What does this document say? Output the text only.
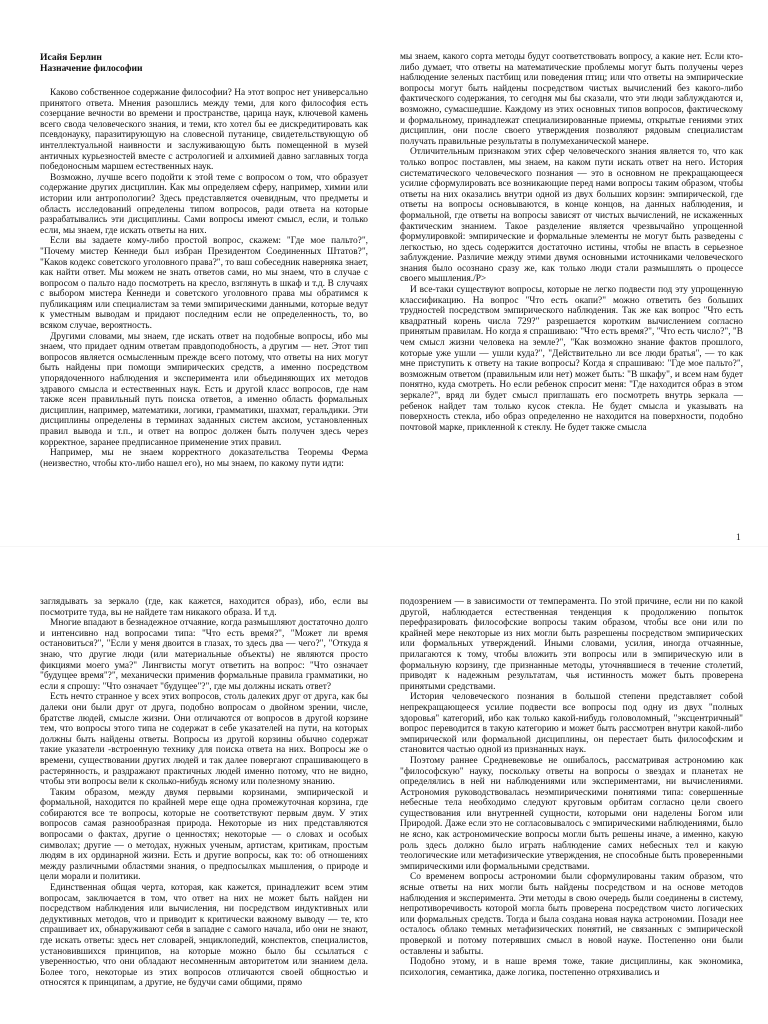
Исайя Берлин
Назначение философии

Каково собственное содержание философии? На этот вопрос нет универсально принятого ответа. Мнения разошлись между теми, для кого философия есть созерцание вечности во времени и пространстве, царица наук, ключевой камень всего свода человеческого знания, и теми, кто хотел бы ее дискредитировать как псевдонауку, паразитирующую на словесной путанице, свидетельствующую об интеллектуальной наивности и заслуживающую быть помещенной в музей античных курьезностей вместе с астрологией и алхимией давно заглавных тогда победоносным маршем естественных наук.

Возможно, лучше всего подойти к этой теме с вопросом о том, что образует содержание других дисциплин. Как мы определяем сферу, например, химии или истории или антропологии? Здесь представляется очевидным, что предметы и область исследований определены типом вопросов, ради ответа на которые разрабатывались эти дисциплины. Сами вопросы имеют смысл, если, и только если, мы знаем, где искать ответы на них.

Если вы задаете кому-либо простой вопрос, скажем: "Где мое пальто?", "Почему мистер Кеннеди был избран Президентом Соединенных Штатов?", "Каков кодекс советского уголовного права?", то ваш собеседник наверняка знает, как найти ответ. Мы можем не знать ответов сами, но мы знаем, что в случае с вопросом о пальто надо посмотреть на кресло, взглянуть в шкаф и т.д. В случаях с выбором мистера Кеннеди и советского уголовного права мы обратимся к публикациям или специалистам за теми эмпирическими данными, которые ведут к уместным выводам и придают последним если не определенность, то, во всяком случае, вероятность.

Другими словами, мы знаем, где искать ответ на подобные вопросы, ибо мы знаем, что придает одним ответам правдоподобность, а другим — нет. Этот тип вопросов является осмысленным прежде всего потому, что ответы на них могут быть найдены при помощи эмпирических средств, а именно посредством упорядоченного наблюдения и эксперимента или объединяющих их методов здравого смысла и естественных наук. Есть и другой класс вопросов, где нам также ясен правильный путь поиска ответов, а именно область формальных дисциплин, например, математики, логики, грамматики, шахмат, геральдики. Эти дисциплины определены в терминах заданных систем аксиом, установленных правил вывода и т.п., и ответ на вопрос должен быть получен здесь через корректное, заранее предписанное применение этих правил.

Например, мы не знаем корректного доказательства Теоремы Ферма (неизвестно, чтобы кто-либо нашел его), но мы знаем, по какому пути идти:

мы знаем, какого сорта методы будут соответствовать вопросу, а какие нет. Если кто-либо думает, что ответы на математические проблемы могут быть получены через наблюдение зеленых пастбищ или поведения птиц; или что ответы на эмпирические вопросы могут быть найдены посредством чистых вычислений без какого-либо фактического содержания, то сегодня мы бы сказали, что эти люди заблуждаются и, возможно, сумасшедшие. Каждому из этих основных типов вопросов, фактическому и формальному, принадлежат специализированные приемы, открытые гениями этих дисциплин, они после своего утверждения позволяют рядовым специалистам получать правильные результаты в полумеханической манере.

Отличительным признаком этих сфер человеческого знания является то, что как только вопрос поставлен, мы знаем, на каком пути искать ответ на него. История систематического человеческого познания — это в основном не прекращающееся усилие сформулировать все возникающие перед нами вопросы таким образом, чтобы ответы на них оказались внутри одной из двух больших корзин: эмпирической, где ответы на вопросы основываются, в конце концов, на данных наблюдения, и формальной, где ответы на вопросы зависят от чистых вычислений, не искаженных фактическим знанием. Такое разделение является чрезвычайно упрощенной формулировкой: эмпирические и формальные элементы не могут быть разведены с легкостью, но здесь содержится достаточно истины, чтобы не впасть в серьезное заблуждение. Различие между этими двумя основными источниками человеческого знания было осознано сразу же, как только люди стали размышлять о процессе своего мышления./P>

И все-таки существуют вопросы, которые не легко подвести под эту упрощенную классификацию. На вопрос "Что есть окапи?" можно ответить без больших трудностей посредством эмпирического наблюдения. Так же как вопрос "Что есть квадратный корень числа 729?" разрешается коротким вычислением согласно принятым правилам. Но когда я спрашиваю: "Что есть время?", "Что есть число?", "В чем смысл жизни человека на земле?", "Как возможно знание фактов прошлого, которые уже ушли — ушли куда?", "Действительно ли все люди братья", — то как мне приступить к ответу на такие вопросы? Когда я спрашиваю: "Где мое пальто?", возможным ответом (правильным или нет) может быть: "В шкафу", и всем нам будет понятно, куда смотреть. Но если ребенок спросит меня: "Где находится образ в этом зеркале?", вряд ли будет смысл приглашать его посмотреть внутрь зеркала — ребенок найдет там только кусок стекла. Не будет смысла и указывать на поверхность стекла, ибо образ определенно не находится на поверхности, подобно почтовой марке, прикленной к стеклу. Не будет также смысла

1

заглядывать за зеркало (где, как кажется, находится образ), ибо, если вы посмотрите туда, вы не найдете там никакого образа. И т.д.

Многие впадают в безнадежное отчаяние, когда размышляют достаточно долго и интенсивно над вопросами типа: "Что есть время?", "Может ли время остановиться?", "Если у меня двоится в глазах, то здесь два — чего?", "Откуда я знаю, что другие люди (или материальные объекты) не являются просто фикциями моего ума?" Лингвисты могут ответить на вопрос: "Что означает "будущее время"?", механически применив формальные правила грамматики, но если я спрошу: "Что означает "будущее"?", где мы должны искать ответ?

Есть нечто странное у всех этих вопросов, столь далеких друг от друга, как бы далеки они были друг от друга, подобно вопросам о двойном зрении, числе, братстве людей, смысле жизни. Они отличаются от вопросов в другой корзине тем, что вопросы этого типа не содержат в себе указателей на пути, на которых должны быть найдены ответы. Вопросы из другой корзины обычно содержат такие указатели -встроенную технику для поиска ответа на них. Вопросы же о времени, существовании других людей и так далее повергают спрашивающего в растерянность, и раздражают практичных людей именно потому, что не видно, чтобы эти вопросы вели к сколько-нибудь ясному или полезному знанию.

Таким образом, между двумя первыми корзинами, эмпирической и формальной, находится по крайней мере еще одна промежуточная корзина, где собираются все те вопросы, которые не соответствуют первым двум. У этих вопросов самая разнообразная природа. Некоторые из них представляются вопросами о фактах, другие о ценностях; некоторые — о словах и особых символах; другие — о методах, нужных ученым, артистам, критикам, простым людям в их ординарной жизни. Есть и другие вопросы, как то: об отношениях между различными областями знания, о предпосылках мышления, о природе и цели морали и политики.

Единственная общая черта, которая, как кажется, принадлежит всем этим вопросам, заключается в том, что ответ на них не может быть найден ни посредством наблюдения или вычисления, ни посредством индуктивных или дедуктивных методов, что и приводит к критически важному выводу — те, кто спрашивает их, обнаруживают себя в западне с самого начала, ибо они не знают, где искать ответы: здесь нет словарей, энциклопедий, конспектов, специалистов, установившихся принципов, на которые можно было бы ссылаться с уверенностью, что они обладают несомненным авторитетом или знанием дела. Более того, некоторые из этих вопросов отличаются своей общностью и относятся к принципам, а другие, не будучи сами общими, прямо

подозрением — в зависимости от темперамента. По этой причине, если ни по какой другой, наблюдается естественная тенденция к продолжению попыток перефразировать философские вопросы таким образом, чтобы все они или по крайней мере некоторые из них могли быть разрешены посредством эмпирических или формальных утверждений. Иными словами, усилия, иногда отчаянные, прилагаются к тому, чтобы вложить эти вопросы или в эмпирическую или в формальную корзину, где признанные методы, уточнявшиеся в течение столетий, приводят к надежным результатам, чья истинность может быть проверена принятыми средствами.

История человеческого познания в большой степени представляет собой непрекращающееся усилие подвести все вопросы под одну из двух "полных здоровья" категорий, ибо как только какой-нибудь головоломный, "эксцентричный" вопрос переводится в такую категорию и может быть рассмотрен внутри какой-либо эмпирической или формальной дисциплины, он перестает быть философским и становится частью одной из признанных наук.

Поэтому раннее Средневековье не ошибалось, рассматривая астрономию как "философскую" науку, поскольку ответы на вопросы о звездах и планетах не определялись в ней ни наблюдениями или экспериментами, ни вычислениями. Астрономия руководствовалась неэмпирическими понятиями типа: совершенные небесные тела необходимо следуют круговым орбитам согласно цели своего существования или внутренней сущности, которыми они наделены Богом или Природой. Даже если это не согласовывалось с эмпирическими наблюдениями, было не ясно, как астрономические вопросы могли быть решены иначе, а именно, какую роль здесь должно было играть наблюдение самих небесных тел и какую теологические или метафизические утверждения, не способные быть проверенными эмпирическими или формальными средствами.

Со временем вопросы астрономии были сформулированы таким образом, что ясные ответы на них могли быть найдены посредством и на основе методов наблюдения и эксперимента. Эти методы в свою очередь были соединены в систему, непротиворечивость которой могла быть проверена посредством чисто логических или формальных средств. Тогда и была создана новая наука астрономии. Позади нее осталось облако темных метафизических понятий, не связанных с эмпирической проверкой и потому потерявших смысл в новой науке. Постепенно они были оставлены и забыты.

Подобно этому, и в наше время тоже, такие дисциплины, как экономика, психология, семантика, даже логика, постепенно отряхивались и
